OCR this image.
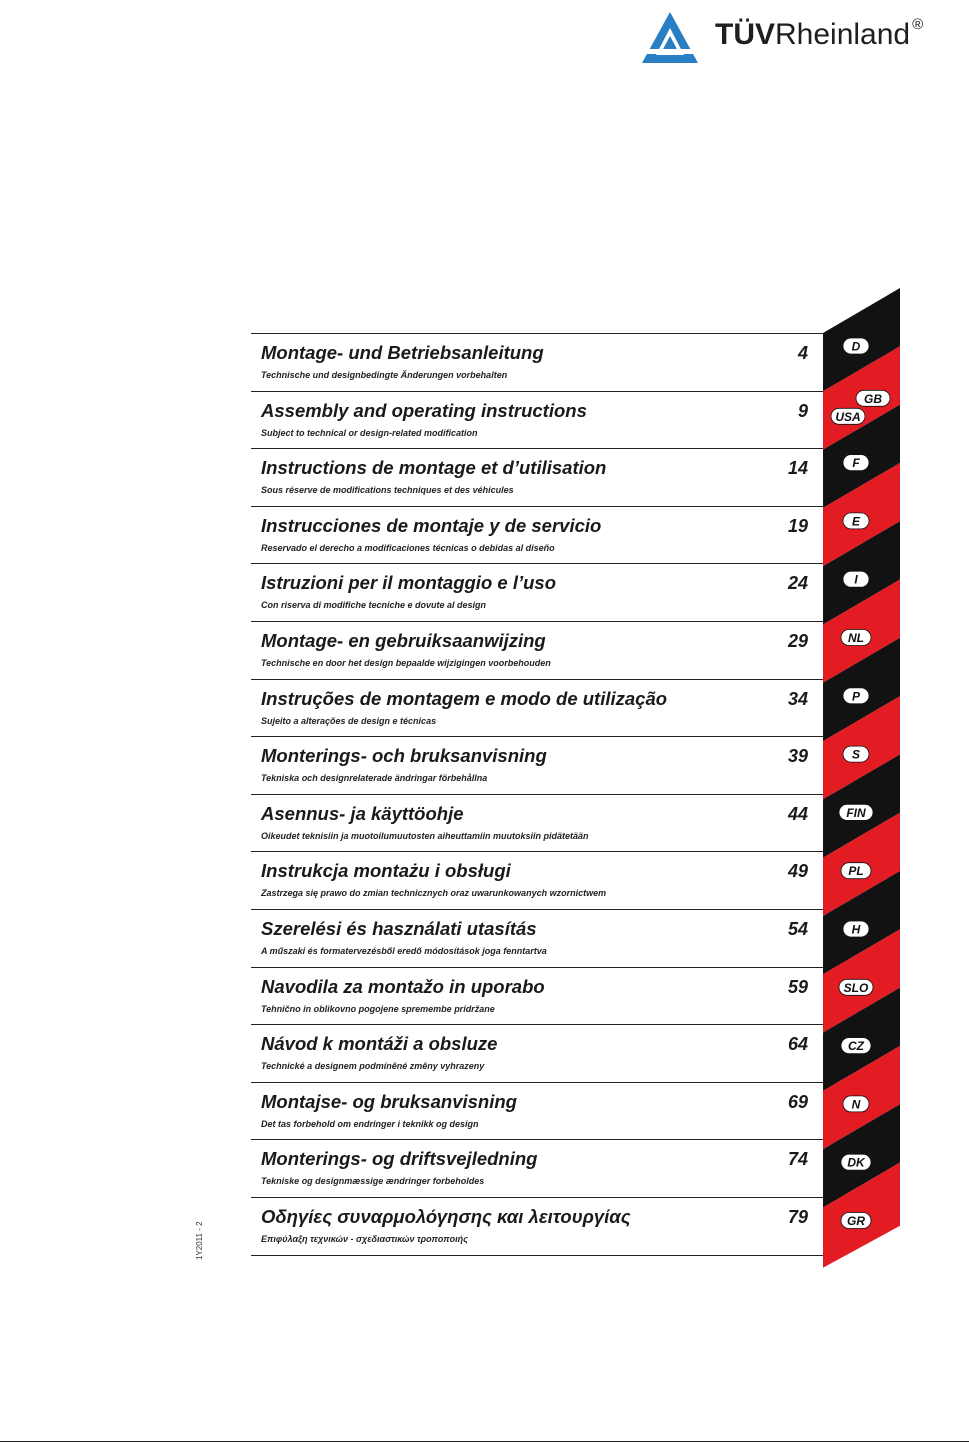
TÜVRheinland ®
Montage- und Betriebsanleitung
Technische und designbedingte Änderungen vorbehalten
4
Assembly and operating instructions
Subject to technical or design-related modification
9
Instructions de montage et d’utilisation
Sous réserve de modifications techniques et des véhicules
14
Instrucciones de montaje y de servicio
Reservado el derecho a modificaciones técnicas o debidas al diseño
19
Istruzioni per il montaggio e l’uso
Con riserva di modifiche tecniche e dovute al design
24
Montage- en gebruiksaanwijzing
Technische en door het design bepaalde wijzigingen voorbehouden
29
Instruções de montagem e modo de utilização
Sujeito a alterações de design e técnicas
34
Monterings- och bruksanvisning
Tekniska och designrelaterade ändringar förbehållna
39
Asennus- ja käyttöohje
Oikeudet teknisiin ja muotoilumuutosten aiheuttamiin muutoksiin pidätetään
44
Instrukcja montażu i obsługi
Zastrzega się prawo do zmian technicznych oraz uwarunkowanych wzornictwem
49
Szerelési és használati utasítás
A műszaki és formatervezésből eredő módosítások joga fenntartva
54
Navodila za montažo in uporabo
Tehnično in oblikovno pogojene spremembe pridržane
59
Návod k montáži a obsluze
Technické a designem podmíněné změny vyhrazeny
64
Montajse- og bruksanvisning
Det tas forbehold om endringer i teknikk og design
69
Monterings- og driftsvejledning
Tekniske og designmæssige ændringer forbeholdes
74
Οδηγίες συναρμολόγησης και λειτουργίας
Επιφύλαξη τεχνικών - σχεδιαστικών τροποποιής
79
D
GB
USA
F
E
I
NL
P
S
FIN
PL
H
SLO
CZ
N
DK
GR
1Y2011 - 2
